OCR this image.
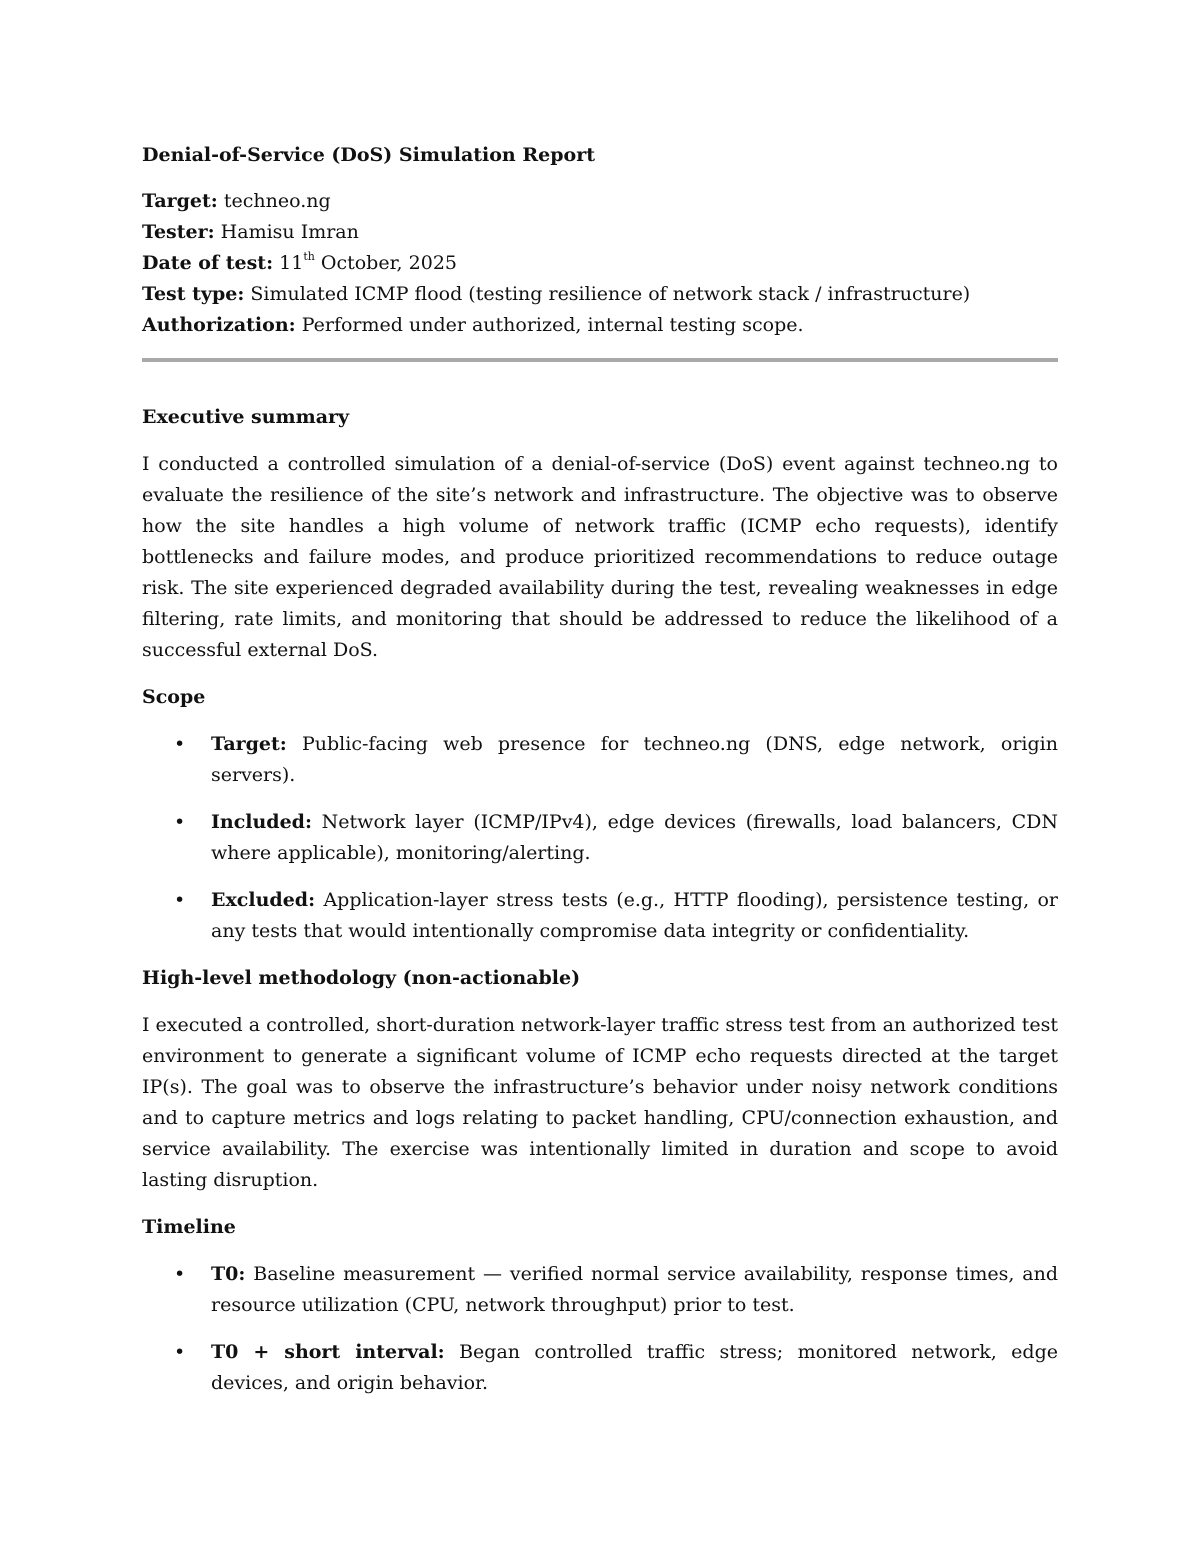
Denial-of-Service (DoS) Simulation Report
Target: techneo.ng
Tester: Hamisu Imran
Date of test: 11th October, 2025
Test type: Simulated ICMP flood (testing resilience of network stack / infrastructure)
Authorization: Performed under authorized, internal testing scope.
Executive summary
I conducted a controlled simulation of a denial-of-service (DoS) event against techneo.ng to evaluate the resilience of the site’s network and infrastructure. The objective was to observe how the site handles a high volume of network traffic (ICMP echo requests), identify bottlenecks and failure modes, and produce prioritized recommendations to reduce outage risk. The site experienced degraded availability during the test, revealing weaknesses in edge filtering, rate limits, and monitoring that should be addressed to reduce the likelihood of a successful external DoS.
Scope
• Target: Public-facing web presence for techneo.ng (DNS, edge network, origin servers).
• Included: Network layer (ICMP/IPv4), edge devices (firewalls, load balancers, CDN where applicable), monitoring/alerting.
• Excluded: Application-layer stress tests (e.g., HTTP flooding), persistence testing, or any tests that would intentionally compromise data integrity or confidentiality.
High-level methodology (non-actionable)
I executed a controlled, short-duration network-layer traffic stress test from an authorized test environment to generate a significant volume of ICMP echo requests directed at the target IP(s). The goal was to observe the infrastructure’s behavior under noisy network conditions and to capture metrics and logs relating to packet handling, CPU/connection exhaustion, and service availability. The exercise was intentionally limited in duration and scope to avoid lasting disruption.
Timeline
• T0: Baseline measurement — verified normal service availability, response times, and resource utilization (CPU, network throughput) prior to test.
• T0 + short interval: Began controlled traffic stress; monitored network, edge devices, and origin behavior.
